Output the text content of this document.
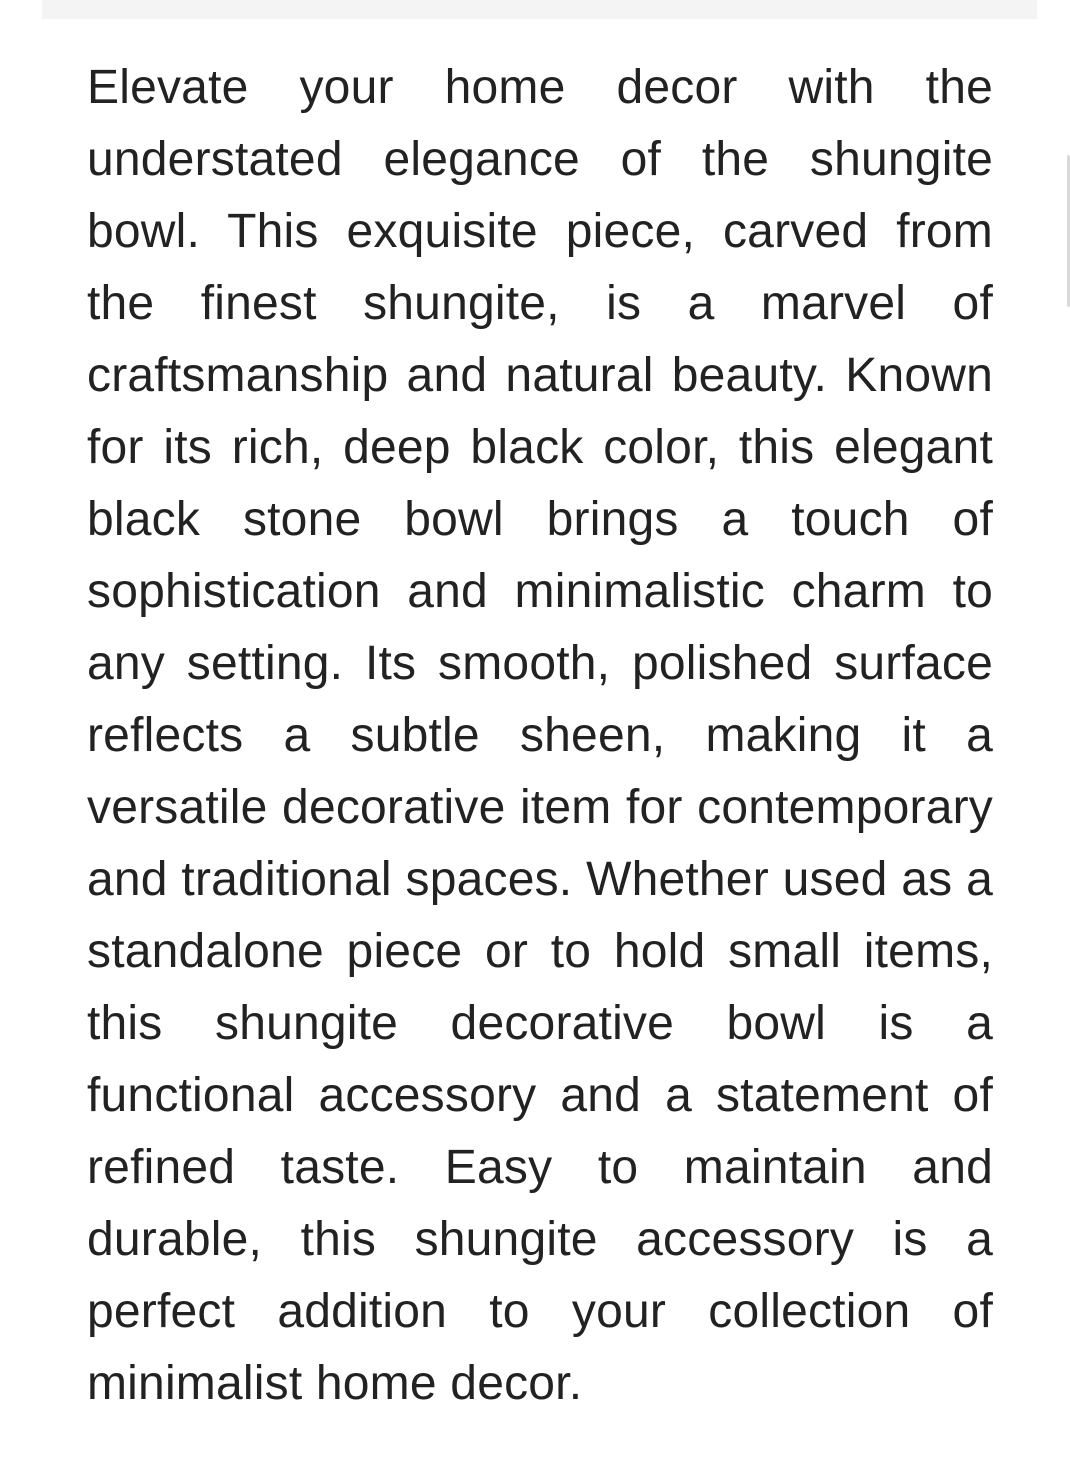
Elevate your home decor with the understated elegance of the shungite bowl. This exquisite piece, carved from the finest shungite, is a marvel of craftsmanship and natural beauty. Known for its rich, deep black color, this elegant black stone bowl brings a touch of sophistication and minimalistic charm to any setting. Its smooth, polished surface reflects a subtle sheen, making it a versatile decorative item for contemporary and traditional spaces. Whether used as a standalone piece or to hold small items, this shungite decorative bowl is a functional accessory and a statement of refined taste. Easy to maintain and durable, this shungite accessory is a perfect addition to your collection of minimalist home decor.
